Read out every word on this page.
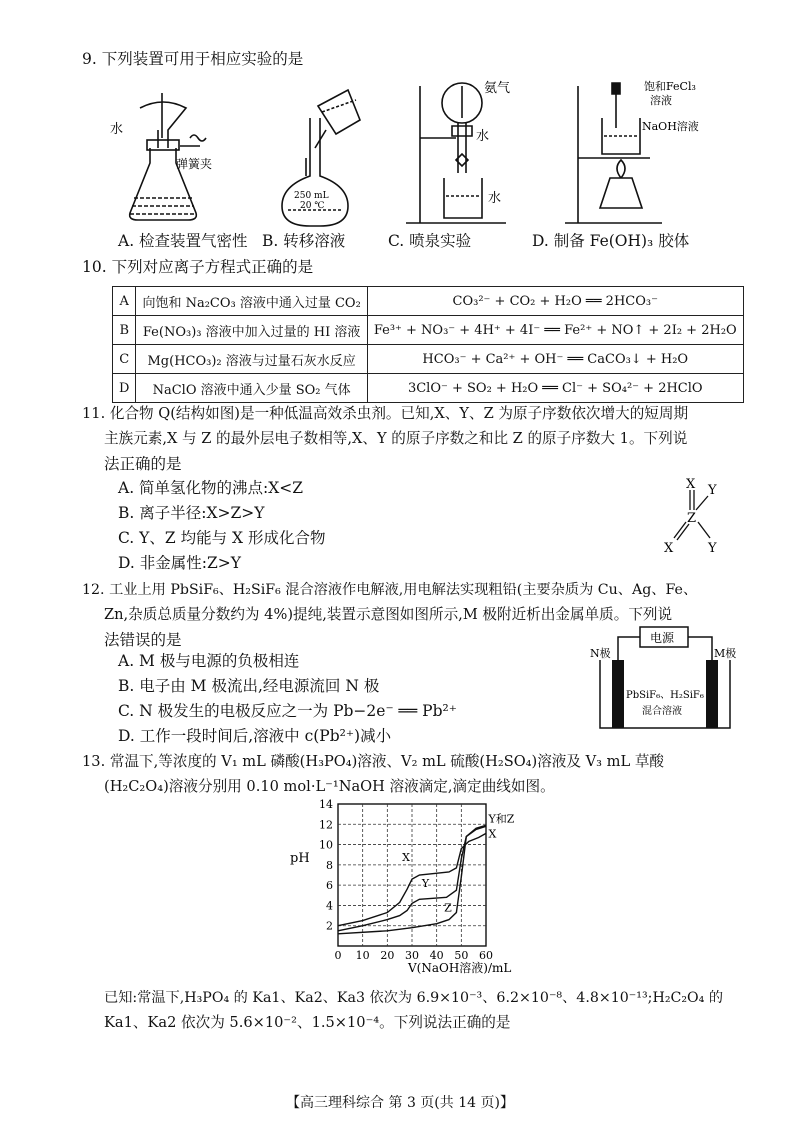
9. 下列装置可用于相应实验的是
水
弹簧夹
250 mL
20 ℃
氨气
水
水
饱和FeCl₃
溶液
NaOH溶液
A. 检查装置气密性 B. 转移溶液	C. 喷泉实验	D. 制备 Fe(OH)₃ 胶体
10. 下列对应离子方程式正确的是
A	向饱和 Na₂CO₃ 溶液中通入过量 CO₂	CO₃²⁻ + CO₂ + H₂O ══ 2HCO₃⁻
B	Fe(NO₃)₃ 溶液中加入过量的 HI 溶液	Fe³⁺ + NO₃⁻ + 4H⁺ + 4I⁻ ══ Fe²⁺ + NO↑ + 2I₂ + 2H₂O
C	Mg(HCO₃)₂ 溶液与过量石灰水反应	HCO₃⁻ + Ca²⁺ + OH⁻ ══ CaCO₃↓ + H₂O
D	NaClO 溶液中通入少量 SO₂ 气体	3ClO⁻ + SO₂ + H₂O ══ Cl⁻ + SO₄²⁻ + 2HClO
11. 化合物 Q(结构如图)是一种低温高效杀虫剂。已知,X、Y、Z 为原子序数依次增大的短周期
主族元素,X 与 Z 的最外层电子数相等,X、Y 的原子序数之和比 Z 的原子序数大 1。下列说
法正确的是
A. 简单氢化物的沸点:X<Z
B. 离子半径:X>Z>Y
C. Y、Z 均能与 X 形成化合物
D. 非金属性:Z>Y
X Y
Z
X	Y
12. 工业上用 PbSiF₆、H₂SiF₆ 混合溶液作电解液,用电解法实现粗铅(主要杂质为 Cu、Ag、Fe、
Zn,杂质总质量分数约为 4%)提纯,装置示意图如图所示,M 极附近析出金属单质。下列说
法错误的是
A. M 极与电源的负极相连
B. 电子由 M 极流出,经电源流回 N 极
C. N 极发生的电极反应之一为 Pb−2e⁻ ══ Pb²⁺
D. 工作一段时间后,溶液中 c(Pb²⁺)减小
电源
N极	M极
PbSiF₆、H₂SiF₆
混合溶液
13. 常温下,等浓度的 V₁ mL 磷酸(H₃PO₄)溶液、V₂ mL 硫酸(H₂SO₄)溶液及 V₃ mL 草酸
(H₂C₂O₄)溶液分别用 0.10 mol·L⁻¹NaOH 溶液滴定,滴定曲线如图。
pH
V(NaOH溶液)/mL
0 10 20 30 40 50 60
2
4
6
8
10
12
14
X
Y
Z
Y和Z
X
已知:常温下,H₃PO₄ 的 Ka1、Ka2、Ka3 依次为 6.9×10⁻³、6.2×10⁻⁸、4.8×10⁻¹³;H₂C₂O₄ 的
Ka1、Ka2 依次为 5.6×10⁻²、1.5×10⁻⁴。下列说法正确的是
【高三理科综合 第 3 页(共 14 页)】
